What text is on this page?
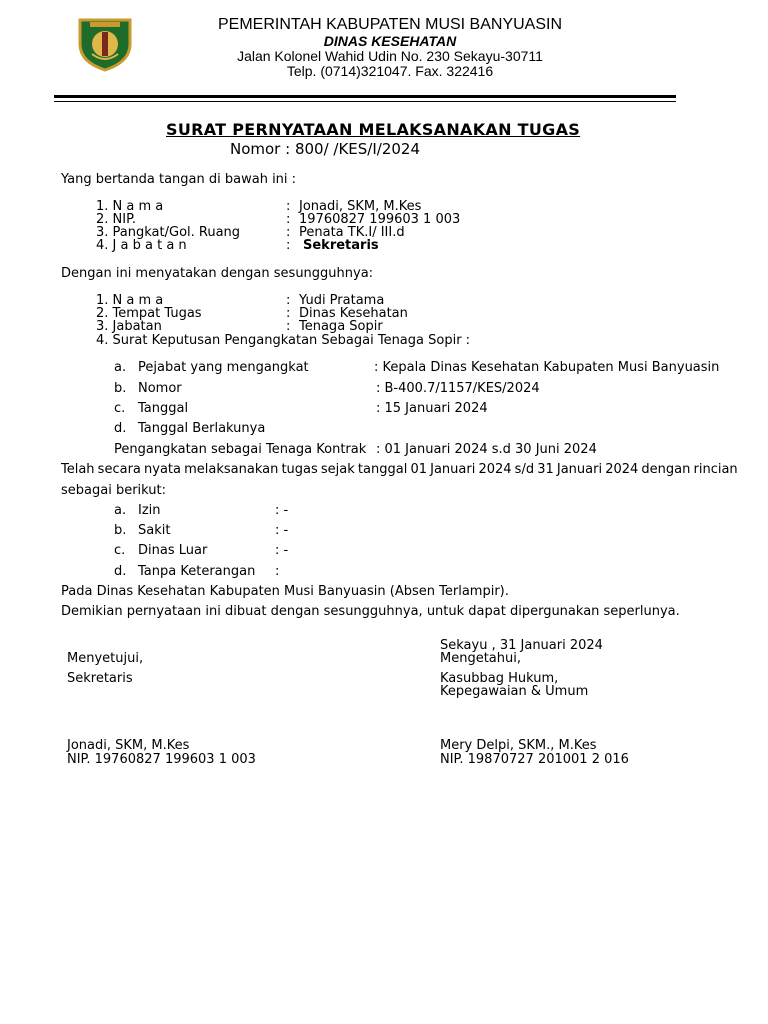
PEMERINTAH KABUPATEN MUSI BANYUASIN
DINAS KESEHATAN
Jalan Kolonel Wahid Udin No. 230 Sekayu-30711
Telp. (0714)321047. Fax. 322416
SURAT PERNYATAAN MELAKSANAKAN TUGAS
Nomor : 800/ /KES/I/2024
Yang bertanda tangan di bawah ini :
1. N a m a	: Jonadi, SKM, M.Kes
2. NIP.	: 19760827 199603 1 003
3. Pangkat/Gol. Ruang	: Penata TK.I/ III.d
4. J a b a t a n	: Sekretaris
Dengan ini menyatakan dengan sesungguhnya:
1. N a m a	: Yudi Pratama
2. Tempat Tugas	: Dinas Kesehatan
3. Jabatan	: Tenaga Sopir
4. Surat Keputusan Pengangkatan Sebagai Tenaga Sopir :
a. Pejabat yang mengangkat	: Kepala Dinas Kesehatan Kabupaten Musi Banyuasin
b. Nomor	: B-400.7/1157/KES/2024
c. Tanggal	: 15 Januari 2024
d. Tanggal Berlakunya
Pengangkatan sebagai Tenaga Kontrak : 01 Januari 2024 s.d 30 Juni 2024
Telah secara nyata melaksanakan tugas sejak tanggal 01 Januari 2024 s/d 31 Januari 2024 dengan rincian
sebagai berikut:
a. Izin	: -
b. Sakit	: -
c. Dinas Luar	: -
d. Tanpa Keterangan :
Pada Dinas Kesehatan Kabupaten Musi Banyuasin (Absen Terlampir).
Demikian pernyataan ini dibuat dengan sesungguhnya, untuk dapat dipergunakan seperlunya.
Sekayu , 31 Januari 2024
Menyetujui,	Mengetahui,
Sekretaris	Kasubbag Hukum,
Kepegawaian & Umum
Jonadi, SKM, M.Kes	Mery Delpi, SKM., M.Kes
NIP. 19760827 199603 1 003	NIP. 19870727 201001 2 016
